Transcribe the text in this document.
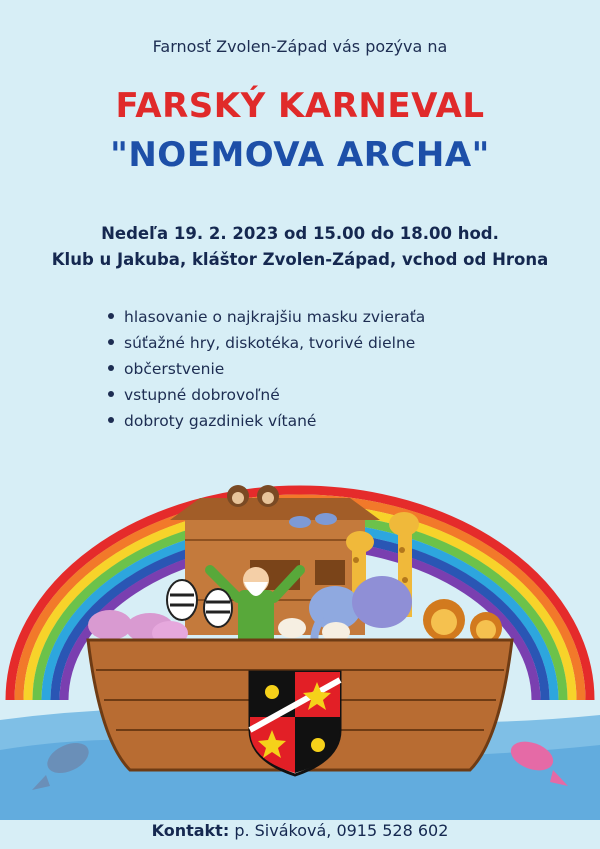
Farnosť Zvolen-Západ vás pozýva na
FARSKÝ KARNEVAL
"NOEMOVA ARCHA"
Nedeľa 19. 2. 2023 od 15.00 do 18.00 hod.
Klub u Jakuba, kláštor Zvolen-Západ, vchod od Hrona
hlasovanie o najkrajšiu masku zvieraťa
súťažné hry, diskotéka, tvorivé dielne
občerstvenie
vstupné dobrovoľné
dobroty gazdiniek vítané
Kontakt: p. Siváková, 0915 528 602
